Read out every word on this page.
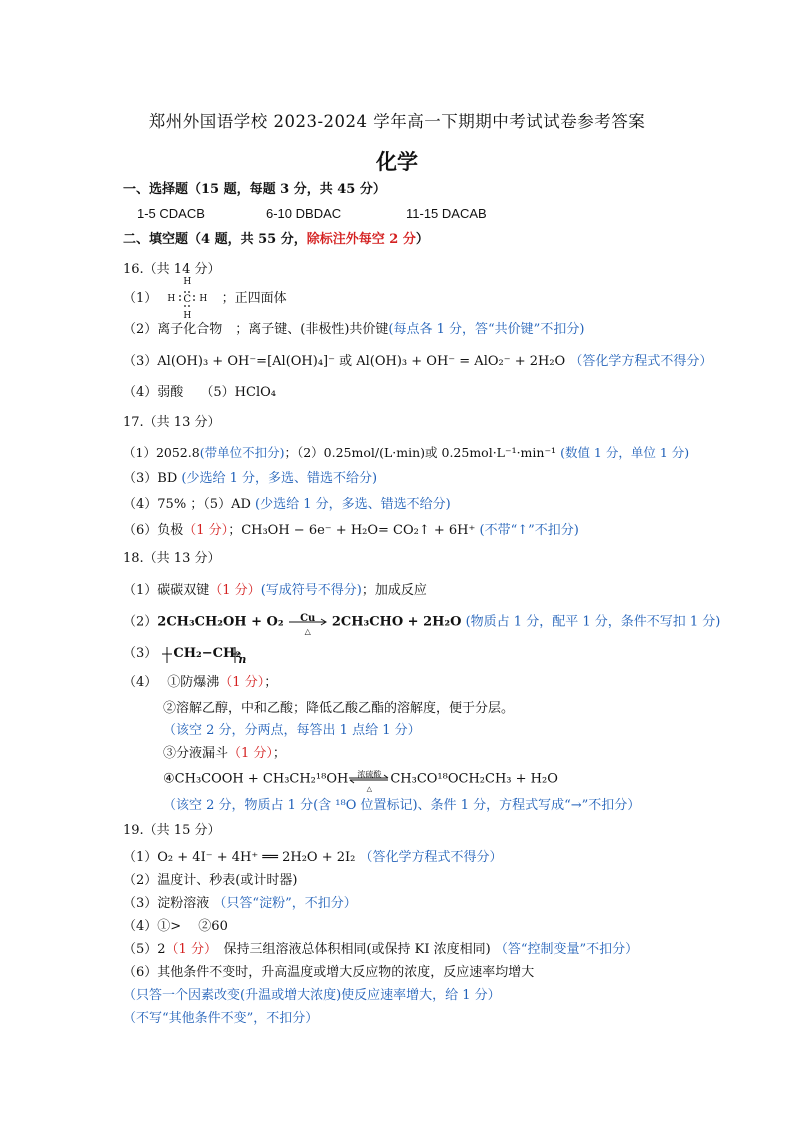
郑州外国语学校 2023-2024 学年高一下期期中考试试卷参考答案
化学
一、选择题（15 题，每题 3 分，共 45 分）
1-5 CDACB	6-10 DBDAC	11-15 DACAB
二、填空题（4 题，共 55 分，除标注外每空 2 分）
16.（共 14 分）
（1） H
H
C H
H
；正四面体
（2）离子化合物　；离子键、(非极性)共价键(每点各 1 分，答“共价键”不扣分)
（3）Al(OH)₃ + OH⁻=[Al(OH)₄]⁻ 或 Al(OH)₃ + OH⁻ = AlO₂⁻ + 2H₂O （答化学方程式不得分）
（4）弱酸　 （5）HClO₄
17.（共 13 分）
（1）2052.8(带单位不扣分)；（2）0.25mol/(L·min)或 0.25mol·L⁻¹·min⁻¹ (数值 1 分，单位 1 分)
（3）BD (少选给 1 分，多选、错选不给分)
（4）75% ；（5）AD (少选给 1 分，多选、错选不给分)
（6）负极（1 分）；CH₃OH − 6e⁻ + H₂O= CO₂↑ + 6H⁺ (不带“↑”不扣分)
18.（共 13 分）
（1）碳碳双键（1 分）(写成符号不得分)；加成反应
（2）2CH₃CH₂OH + O₂	Cu
△
2CH₃CHO + 2H₂O (物质占 1 分，配平 1 分，条件不写扣 1 分)
（3） CH₂−CH₂
n
（4） ①防爆沸（1 分）；
②溶解乙醇，中和乙酸；降低乙酸乙酯的溶解度，便于分层。
（该空 2 分，分两点，每答出 1 点给 1 分）
③分液漏斗（1 分）；
④CH₃COOH + CH₃CH₂¹⁸OH	浓硫酸
△
CH₃CO¹⁸OCH₂CH₃ + H₂O
（该空 2 分，物质占 1 分(含 ¹⁸O 位置标记)、条件 1 分，方程式写成“→”不扣分）
19.（共 15 分）
（1）O₂ + 4I⁻ + 4H⁺ ══ 2H₂O + 2I₂ （答化学方程式不得分）
（2）温度计、秒表(或计时器)
（3）淀粉溶液 （只答“淀粉”，不扣分）
（4）①>　 ②60
（5）2（1 分）　保持三组溶液总体积相同(或保持 KI 浓度相同) （答“控制变量”不扣分）
（6）其他条件不变时，升高温度或增大反应物的浓度，反应速率均增大
（只答一个因素改变(升温或增大浓度)使反应速率增大，给 1 分）
（不写“其他条件不变”，不扣分）
